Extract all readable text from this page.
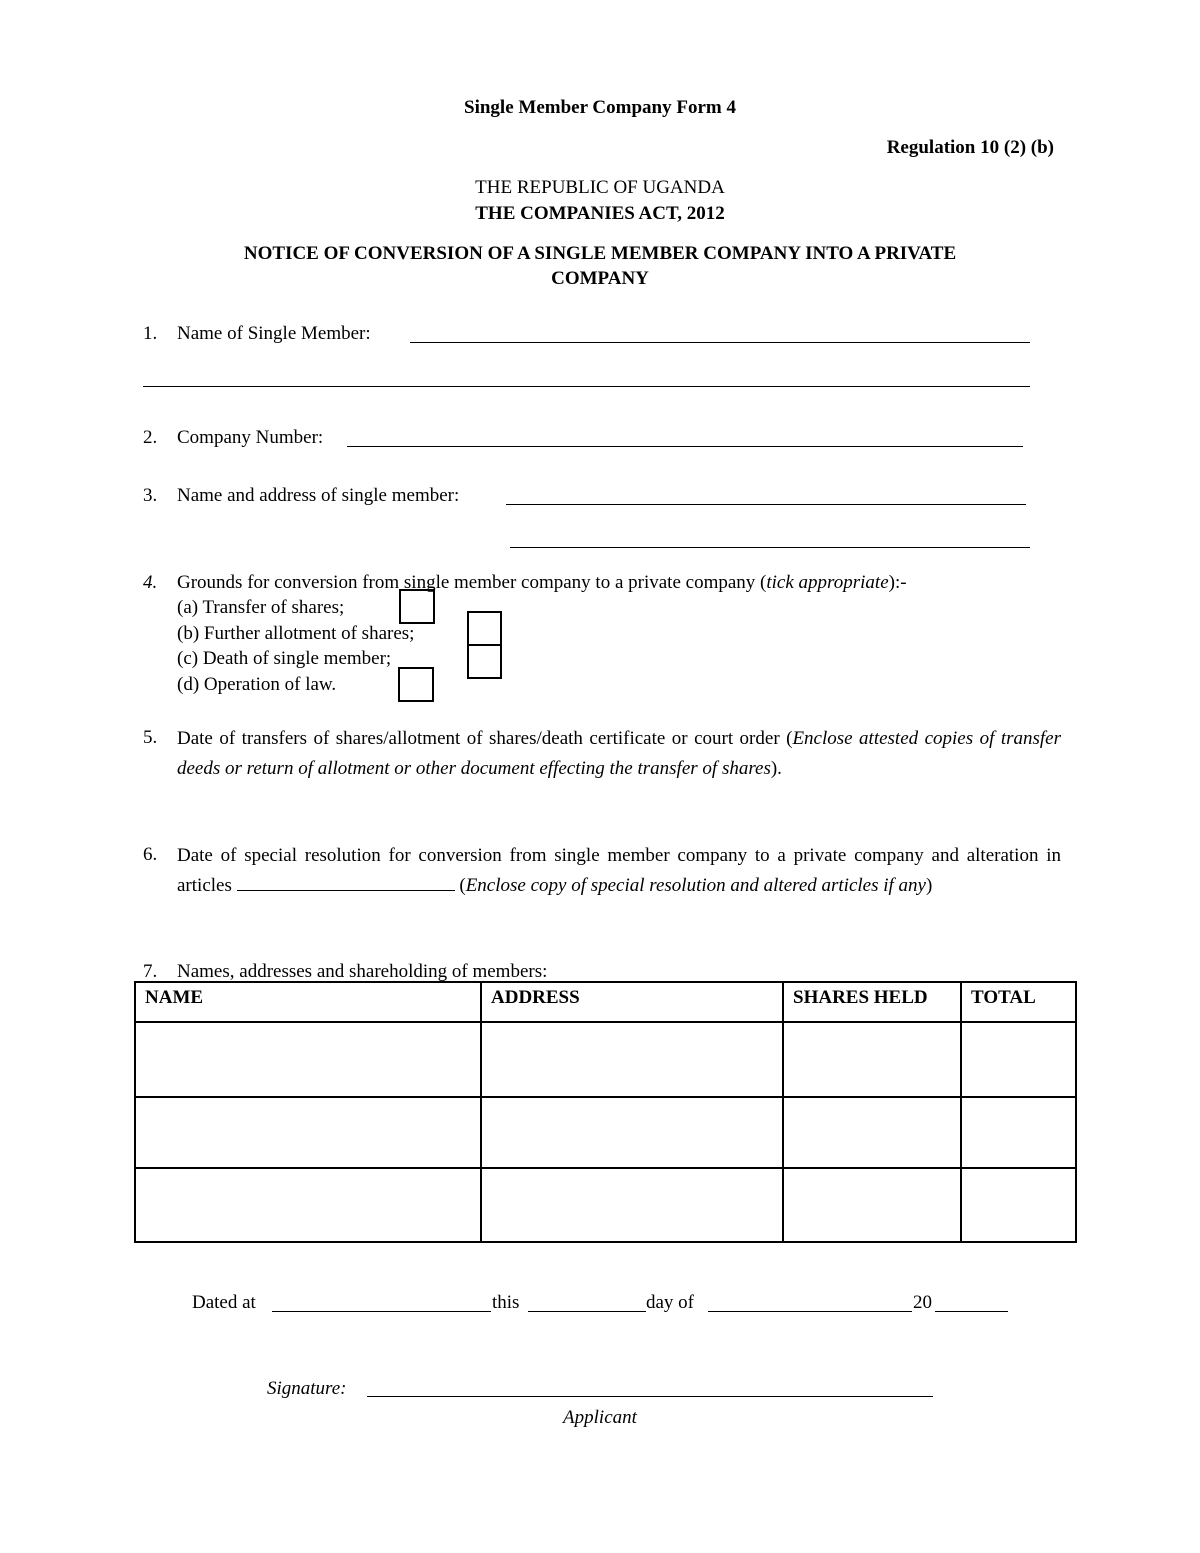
Single Member Company Form 4
Regulation 10 (2) (b)
THE REPUBLIC OF UGANDA
THE COMPANIES ACT, 2012
NOTICE OF CONVERSION OF A SINGLE MEMBER COMPANY INTO A PRIVATE
COMPANY
1. Name of Single Member:
2. Company Number:
3. Name and address of single member:
4. Grounds for conversion from single member company to a private company (tick appropriate):-
(a) Transfer of shares;
(b) Further allotment of shares;
(c) Death of single member;
(d) Operation of law.
5. Date of transfers of shares/allotment of shares/death certificate or court order (Enclose attested copies of transfer deeds or return of allotment or other document effecting the transfer of shares).
6. Date of special resolution for conversion from single member company to a private company and alteration in articles	(Enclose copy of special resolution and altered articles if any)
7. Names, addresses and shareholding of members:
NAME	ADDRESS	SHARES HELD	TOTAL

Dated at	this	day of	20
Signature:
Applicant
